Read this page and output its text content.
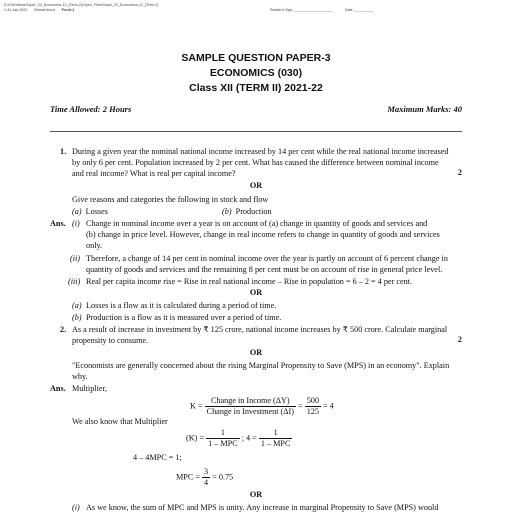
D:\Full Marks\Super_20_Economics-12_(Term-2)\Open_Files\Super_20_Economics-12_(Term-2)
1-31-Jan-2022 Bharat Arora Proof-1	Reader's Sign ____________________	Date __________
SAMPLE QUESTION PAPER-3
ECONOMICS (030)
Class XII (TERM II) 2021-22
Time Allowed: 2 Hours	Maximum Marks: 40
1. During a given year the nominal national income increased by 14 per cent while the real national income increased
by only 6 per cent. Population increased by 2 per cent. What has caused the difference between nominal income
and real income? What is real per capital income?	2
OR
Give reasons and categories the following in stock and flow
(a) Losses	(b) Production
Ans. (i) Change in nominal income over a year is on account of (a) change in quantity of goods and services and
(b) change in price level. However, change in real income refers to change in quantity of goods and services
only.
(ii) Therefore, a change of 14 per cent in nominal income over the year is partly on account of 6 percent change in
quantity of goods and services and the remaining 8 per cent must be on account of rise in general price level.
(iii) Real per capita income rise = Rise in real national income – Rise in population = 6 – 2 = 4 per cent.
OR
(a) Losses is a flow as it is calculated during a period of time.
(b) Production is a flow as it is measured over a period of time.
2. As a result of increase in investment by ₹ 125 crore, national income increases by ₹ 500 crore. Calculate marginal
propensity to consume.	2
OR
"Economists are generally concerned about the rising Marginal Propensity to Save (MPS) in an economy". Explain
why.
Ans. Multiplier,
$K = \frac{\text{Change in Income (ΔY)}}{\text{Change in Investment (ΔI)}} = \frac{500}{125} = 4$
We also know that Multiplier
$(K) = \frac{1}{\text{1 – MPC}}$ ; $4 = \frac{1}{\text{1 – MPC}}$
4 – 4MPC = 1;
MPC = $\frac{3}{4} = 0.75$
OR
(i) As we know, the sum of MPC and MPS is unity. Any increase in marginal Propensity to Save (MPS) would
